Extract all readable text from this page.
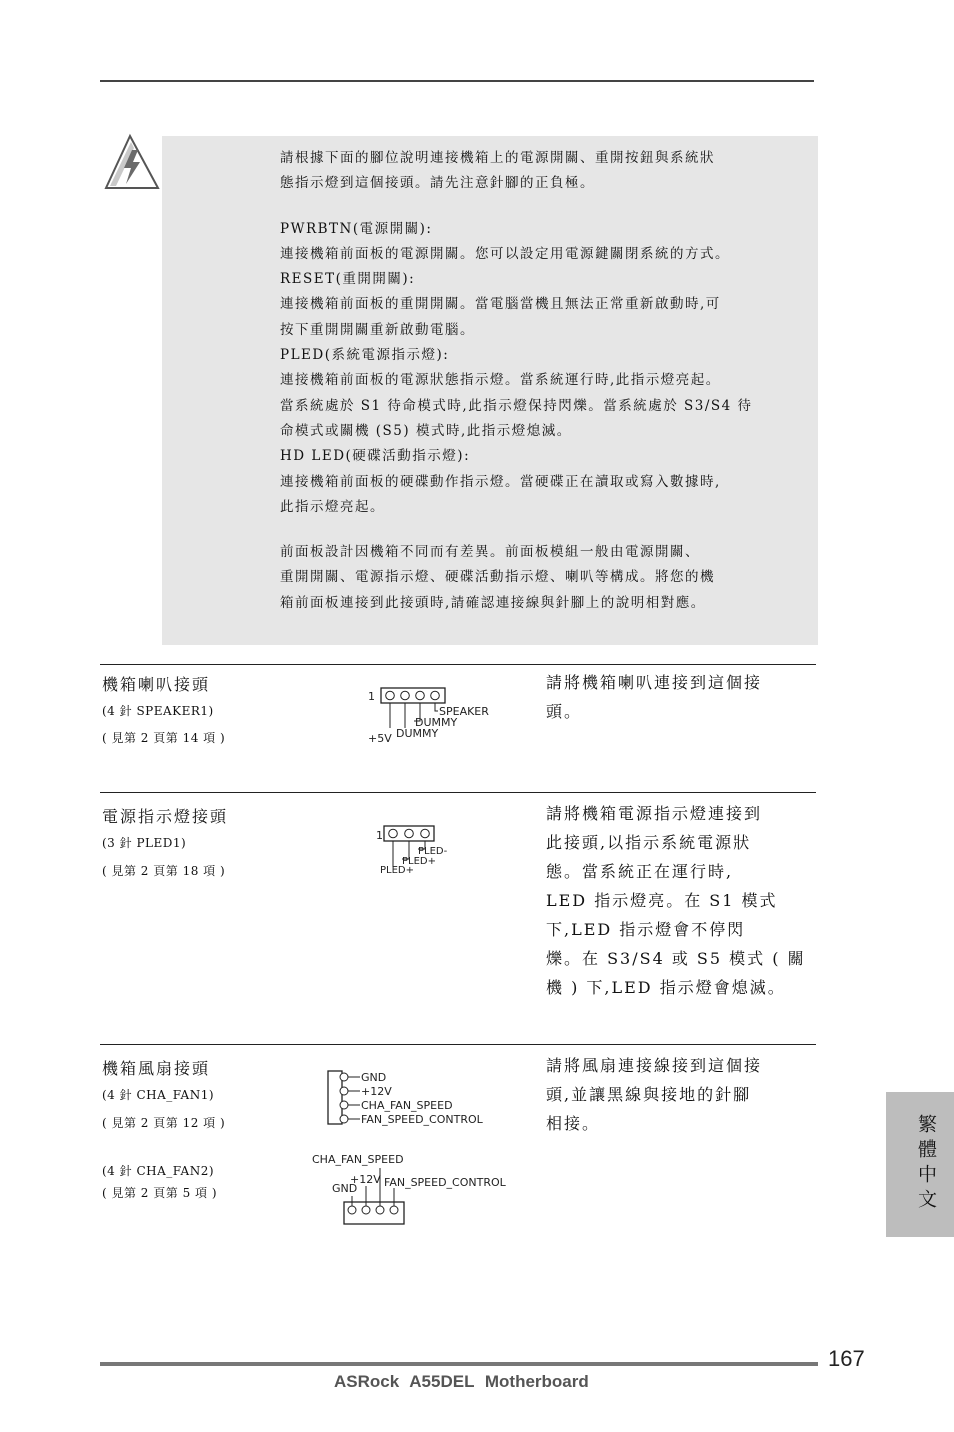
請根據下面的腳位說明連接機箱上的電源開關、重開按鈕與系統狀

態指示燈到這個接頭。請先注意針腳的正負極。

PWRBTN(電源開關):

連接機箱前面板的電源開關。您可以設定用電源鍵關閉系統的方式。

RESET(重開開關):

連接機箱前面板的重開開關。當電腦當機且無法正常重新啟動時,可

按下重開開關重新啟動電腦。

PLED(系統電源指示燈):

連接機箱前面板的電源狀態指示燈。當系統運行時,此指示燈亮起。

當系統處於 S1 待命模式時,此指示燈保持閃爍。當系統處於 S3/S4 待

命模式或關機 (S5) 模式時,此指示燈熄滅。

HD LED(硬碟活動指示燈):

連接機箱前面板的硬碟動作指示燈。當硬碟正在讀取或寫入數據時,

此指示燈亮起。

前面板設計因機箱不同而有差異。前面板模組一般由電源開關、

重開開關、電源指示燈、硬碟活動指示燈、喇叭等構成。將您的機

箱前面板連接到此接頭時,請確認連接線與針腳上的說明相對應。

機箱喇叭接頭
(4 針 SPEAKER1)
( 見第 2 頁第 14 項 )
1
SPEAKER
DUMMY
DUMMY
+5V
請將機箱喇叭連接到這個接
頭。
電源指示燈接頭
(3 針 PLED1)
( 見第 2 頁第 18 項 )
1
PLED-
PLED+
PLED+
請將機箱電源指示燈連接到
此接頭,以指示系統電源狀
態。當系統正在運行時,
LED 指示燈亮。在 S1 模式
下,LED 指示燈會不停閃
爍。在 S3/S4 或 S5 模式 ( 關
機 ) 下,LED 指示燈會熄滅。
機箱風扇接頭
(4 針 CHA_FAN1)
( 見第 2 頁第 12 項 )
(4 針 CHA_FAN2)
( 見第 2 頁第 5 項 )
GND
+12V
CHA_FAN_SPEED
FAN_SPEED_CONTROL
CHA_FAN_SPEED
GND
+12V FAN_SPEED_CONTROL
請將風扇連接線接到這個接
頭,並讓黑線與接地的針腳
相接。	繁體中文
167
ASRock A55DEL Motherboard
